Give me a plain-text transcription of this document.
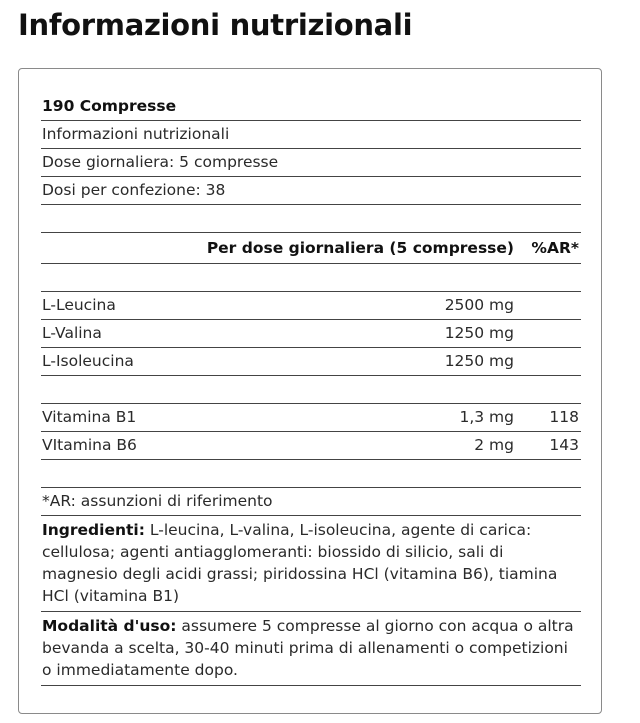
Informazioni nutrizionali
190 Compresse
Informazioni nutrizionali
Dose giornaliera: 5 compresse
Dosi per confezione: 38
Per dose giornaliera (5 compresse) %AR*
L-Leucina	2500 mg
L-Valina	1250 mg
L-Isoleucina	1250 mg
Vitamina B1	1,3 mg 118
VItamina B6	2 mg 143
*AR: assunzioni di riferimento
Ingredienti: L-leucina, L-valina, L-isoleucina, agente di carica: cellulosa; agenti antiagglomeranti: biossido di silicio, sali di magnesio degli acidi grassi; piridossina HCl (vitamina B6), tiamina HCl (vitamina B1)
Modalità d'uso: assumere 5 compresse al giorno con acqua o altra bevanda a scelta, 30-40 minuti prima di allenamenti o competizioni o immediatamente dopo.
